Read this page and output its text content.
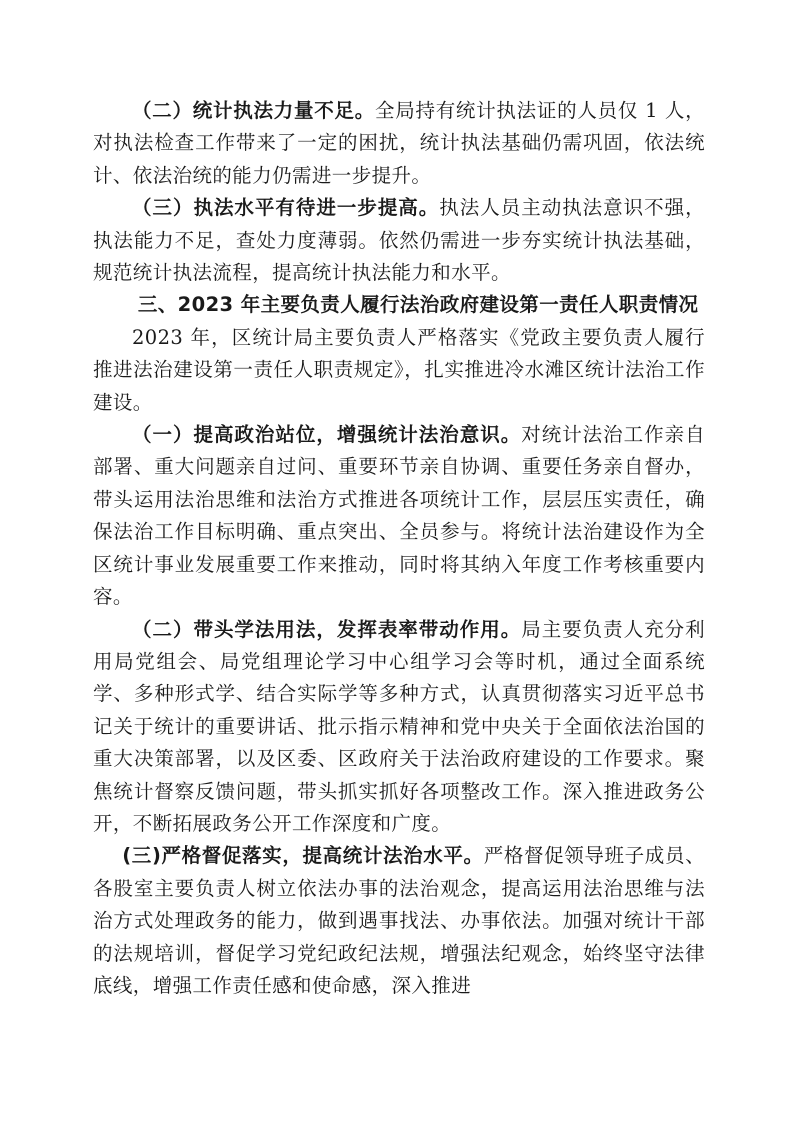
（二）统计执法力量不足。全局持有统计执法证的人员仅 1 人，对执法检查工作带来了一定的困扰，统计执法基础仍需巩固，依法统计、依法治统的能力仍需进一步提升。

（三）执法水平有待进一步提高。执法人员主动执法意识不强，执法能力不足，查处力度薄弱。依然仍需进一步夯实统计执法基础，规范统计执法流程，提高统计执法能力和水平。

三、2023 年主要负责人履行法治政府建设第一责任人职责情况

2023 年，区统计局主要负责人严格落实《党政主要负责人履行推进法治建设第一责任人职责规定》，扎实推进冷水滩区统计法治工作建设。

（一）提高政治站位，增强统计法治意识。对统计法治工作亲自部署、重大问题亲自过问、重要环节亲自协调、重要任务亲自督办，带头运用法治思维和法治方式推进各项统计工作，层层压实责任，确保法治工作目标明确、重点突出、全员参与。将统计法治建设作为全区统计事业发展重要工作来推动，同时将其纳入年度工作考核重要内容。

（二）带头学法用法，发挥表率带动作用。局主要负责人充分利用局党组会、局党组理论学习中心组学习会等时机，通过全面系统学、多种形式学、结合实际学等多种方式，认真贯彻落实习近平总书记关于统计的重要讲话、批示指示精神和党中央关于全面依法治国的重大决策部署，以及区委、区政府关于法治政府建设的工作要求。聚焦统计督察反馈问题，带头抓实抓好各项整改工作。深入推进政务公开，不断拓展政务公开工作深度和广度。

(三)严格督促落实，提高统计法治水平。严格督促领导班子成员、各股室主要负责人树立依法办事的法治观念，提高运用法治思维与法治方式处理政务的能力，做到遇事找法、办事依法。加强对统计干部的法规培训，督促学习党纪政纪法规，增强法纪观念，始终坚守法律底线，增强工作责任感和使命感，深入推进
